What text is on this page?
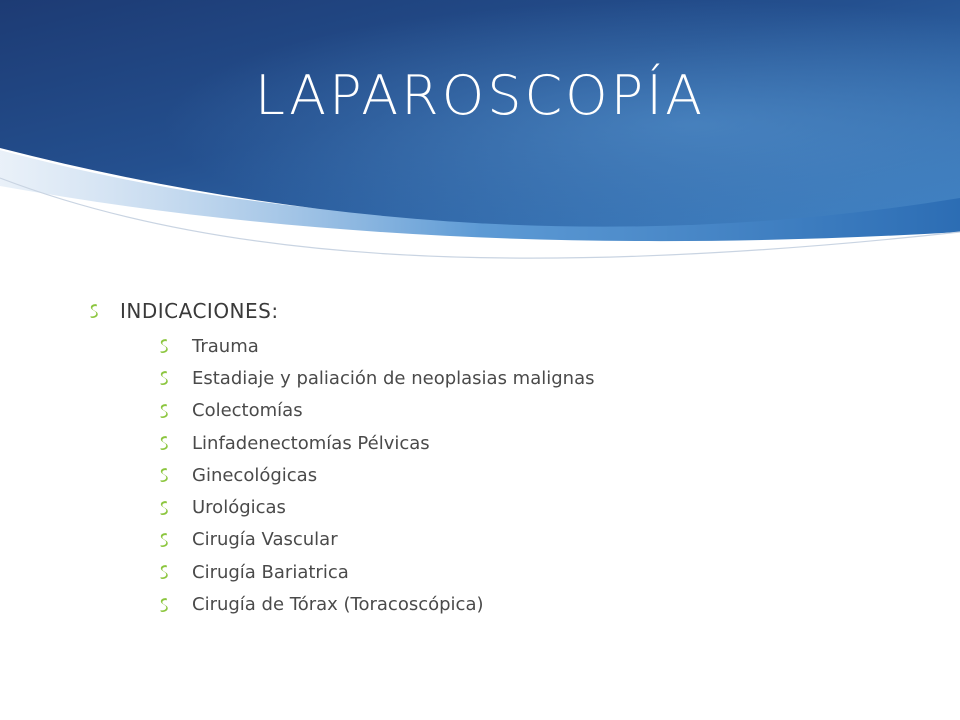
LAPAROSCOPÍA
INDICACIONES:
Trauma
Estadiaje y paliación de neoplasias malignas
Colectomías
Linfadenectomías Pélvicas
Ginecológicas
Urológicas
Cirugía Vascular
Cirugía Bariatrica
Cirugía de Tórax (Toracoscópica)
